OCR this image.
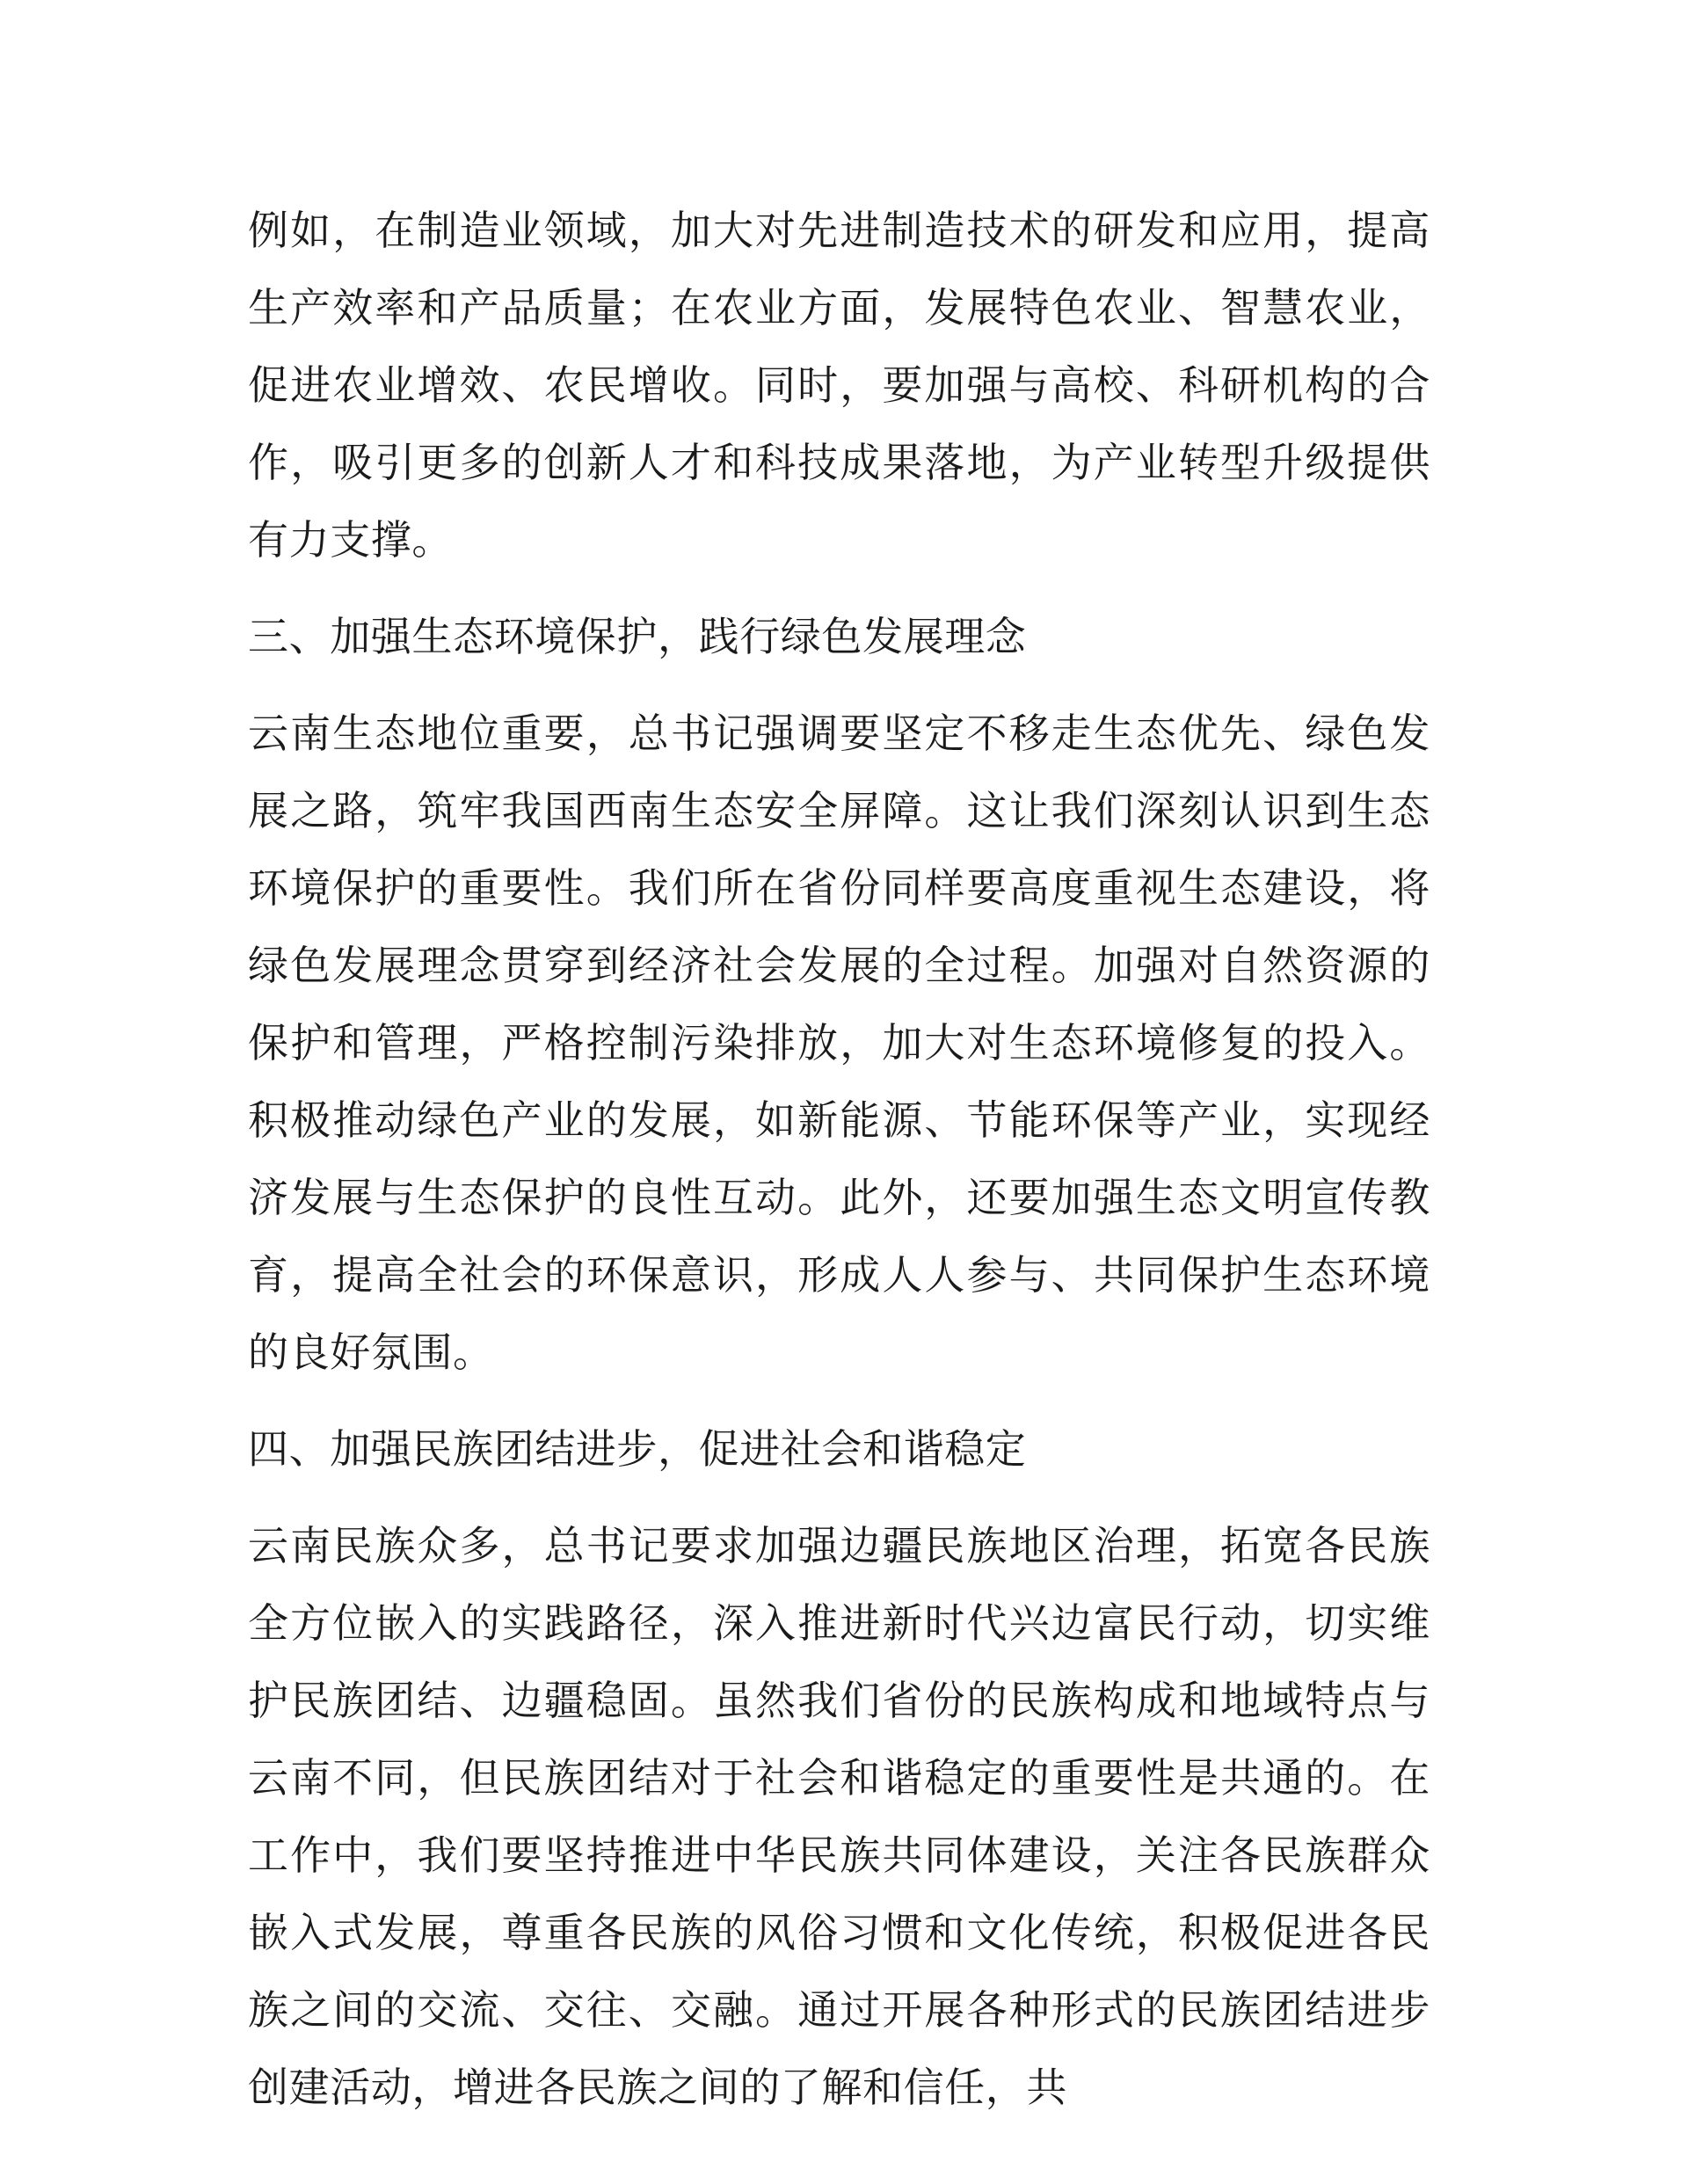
例如，在制造业领域，加大对先进制造技术的研发和应用，提高生产效率和产品质量；在农业方面，发展特色农业、智慧农业，促进农业增效、农民增收。同时，要加强与高校、科研机构的合作，吸引更多的创新人才和科技成果落地，为产业转型升级提供有力支撑。

三、加强生态环境保护，践行绿色发展理念

云南生态地位重要，总书记强调要坚定不移走生态优先、绿色发展之路，筑牢我国西南生态安全屏障。这让我们深刻认识到生态环境保护的重要性。我们所在省份同样要高度重视生态建设，将绿色发展理念贯穿到经济社会发展的全过程。加强对自然资源的保护和管理，严格控制污染排放，加大对生态环境修复的投入。积极推动绿色产业的发展，如新能源、节能环保等产业，实现经济发展与生态保护的良性互动。此外，还要加强生态文明宣传教育，提高全社会的环保意识，形成人人参与、共同保护生态环境的良好氛围。

四、加强民族团结进步，促进社会和谐稳定

云南民族众多，总书记要求加强边疆民族地区治理，拓宽各民族全方位嵌入的实践路径，深入推进新时代兴边富民行动，切实维护民族团结、边疆稳固。虽然我们省份的民族构成和地域特点与云南不同，但民族团结对于社会和谐稳定的重要性是共通的。在工作中，我们要坚持推进中华民族共同体建设，关注各民族群众嵌入式发展，尊重各民族的风俗习惯和文化传统，积极促进各民族之间的交流、交往、交融。通过开展各种形式的民族团结进步创建活动，增进各民族之间的了解和信任，共
